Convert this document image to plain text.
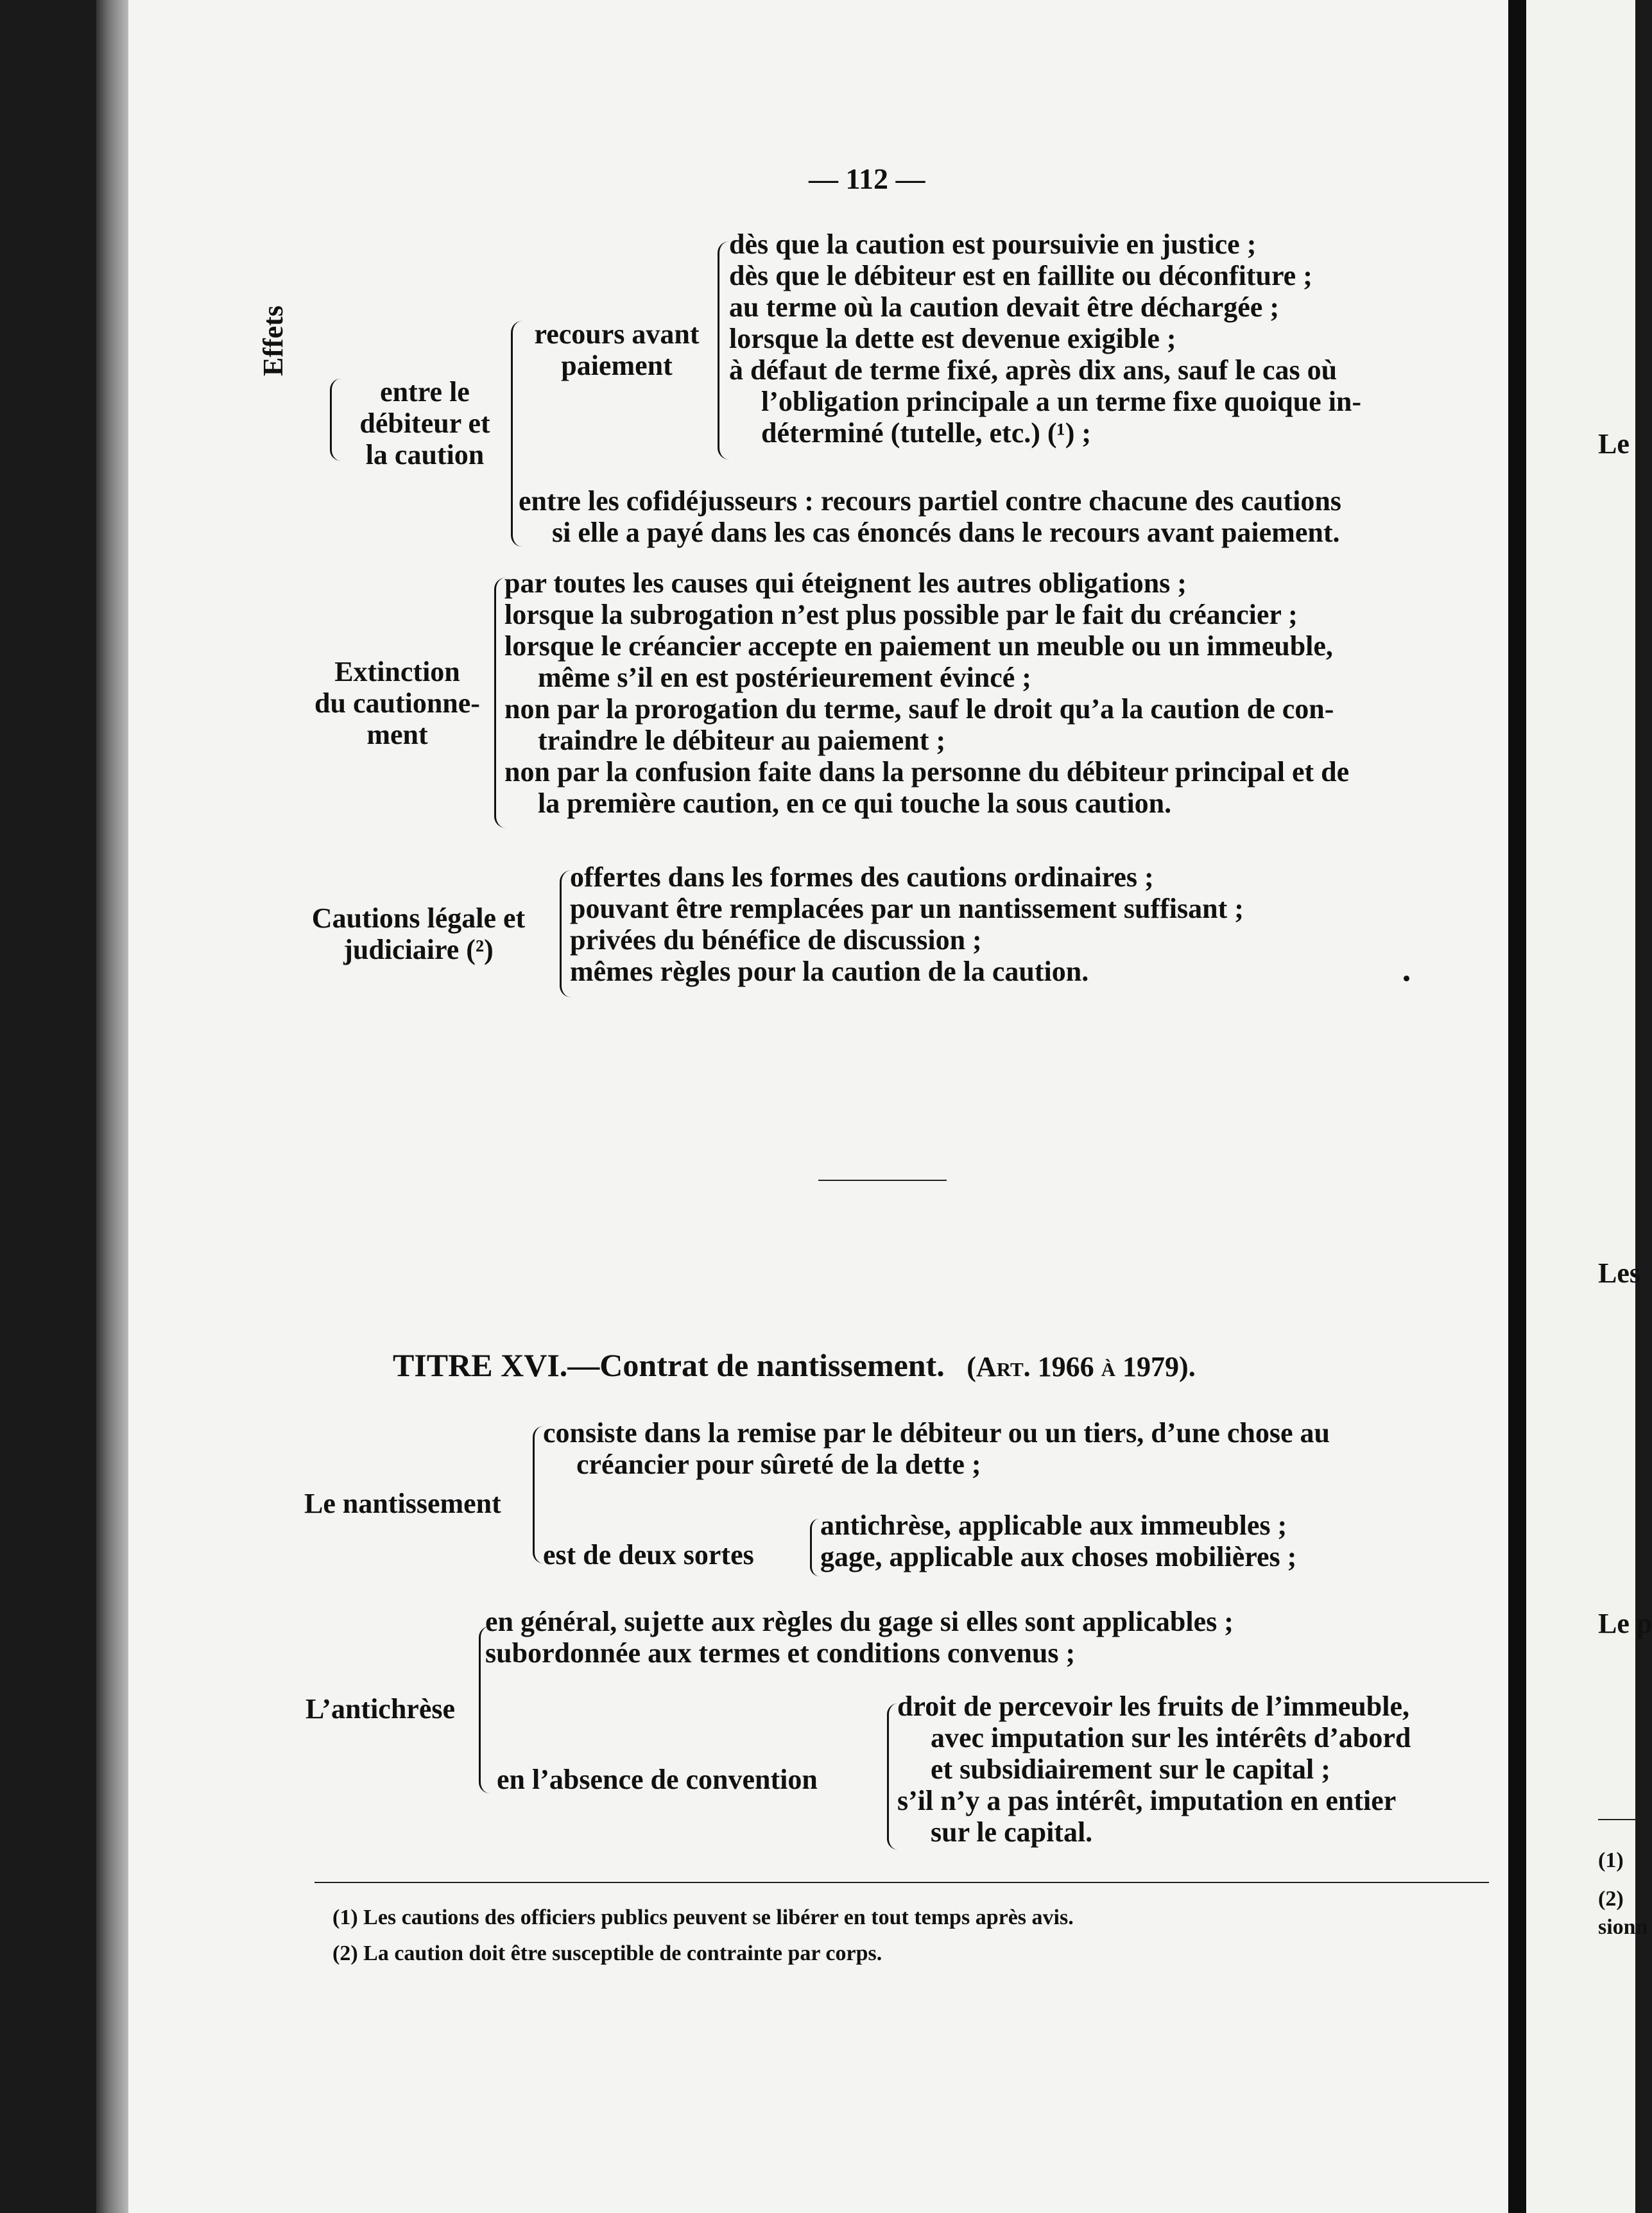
Le
Les
Le p
(1)
(2)
sionn
— 112 —
Effets
entre le
débiteur et
la caution
recours avant
paiement
dès que la caution est poursuivie en justice ;
dès que le débiteur est en faillite ou déconfiture ;
au terme où la caution devait être déchargée ;
lorsque la dette est devenue exigible ;
à défaut de terme fixé, après dix ans, sauf le cas où
l’obligation principale a un terme fixe quoique in-
déterminé (tutelle, etc.) (¹) ;
entre les cofidéjusseurs : recours partiel contre chacune des cautions
si elle a payé dans les cas énoncés dans le recours avant paiement.
Extinction
du cautionne-
ment
par toutes les causes qui éteignent les autres obligations ;
lorsque la subrogation n’est plus possible par le fait du créancier ;
lorsque le créancier accepte en paiement un meuble ou un immeuble,
même s’il en est postérieurement évincé ;
non par la prorogation du terme, sauf le droit qu’a la caution de con-
traindre le débiteur au paiement ;
non par la confusion faite dans la personne du débiteur principal et de
la première caution, en ce qui touche la sous caution.
Cautions légale et
judiciaire (²)
offertes dans les formes des cautions ordinaires ;
pouvant être remplacées par un nantissement suffisant ;
privées du bénéfice de discussion ;
mêmes règles pour la caution de la caution.
TITRE XVI.—Contrat de nantissement. (Art. 1966 à 1979).
Le nantissement
consiste dans la remise par le débiteur ou un tiers, d’une chose au
créancier pour sûreté de la dette ;
est de deux sortes
antichrèse, applicable aux immeubles ;
gage, applicable aux choses mobilières ;
L’antichrèse
en général, sujette aux règles du gage si elles sont applicables ;
subordonnée aux termes et conditions convenus ;
en l’absence de convention
droit de percevoir les fruits de l’immeuble,
avec imputation sur les intérêts d’abord
et subsidiairement sur le capital ;
s’il n’y a pas intérêt, imputation en entier
sur le capital.
(1) Les cautions des officiers publics peuvent se libérer en tout temps après avis.
(2) La caution doit être susceptible de contrainte par corps.
